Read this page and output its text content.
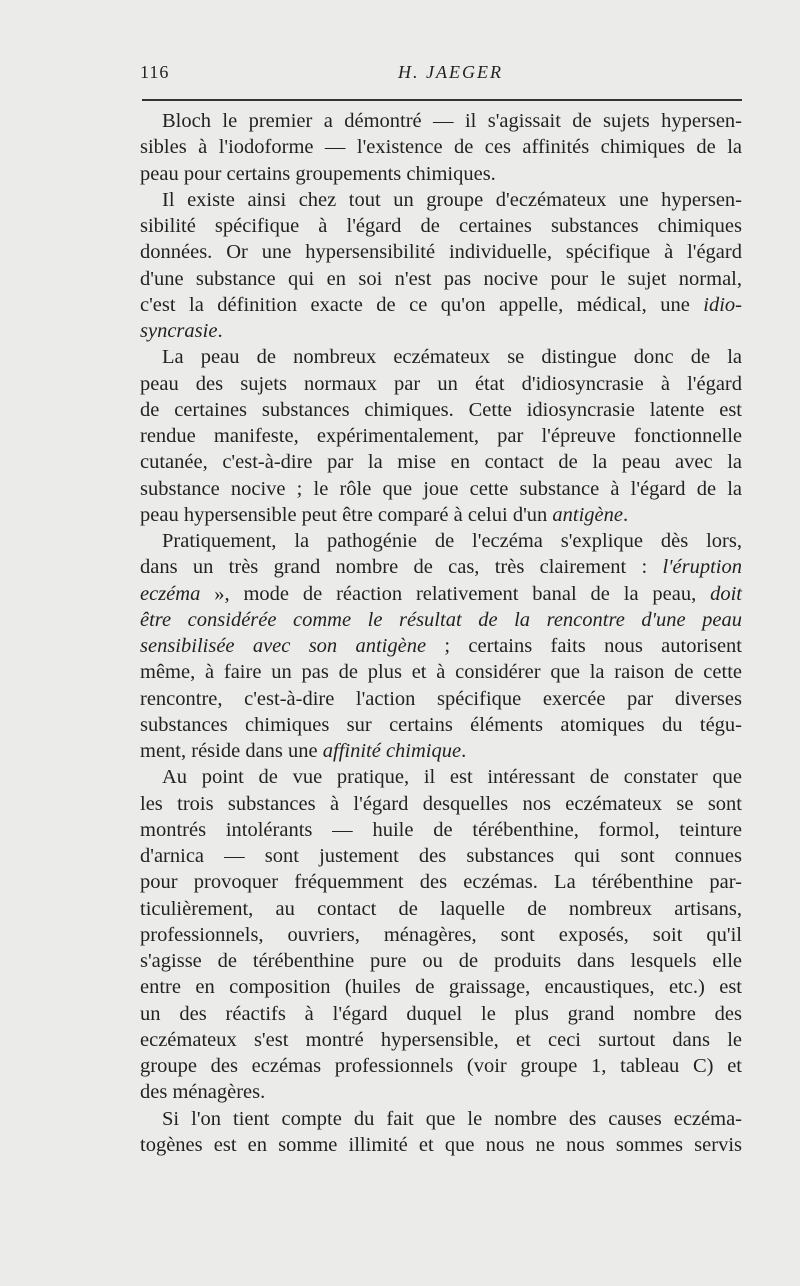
116	H. JAEGER
Bloch le premier a démontré — il s'agissait de sujets hypersen-
sibles à l'iodoforme — l'existence de ces affinités chimiques de la
peau pour certains groupements chimiques.
Il existe ainsi chez tout un groupe d'eczémateux une hypersen-
sibilité spécifique à l'égard de certaines substances chimiques
données. Or une hypersensibilité individuelle, spécifique à l'égard
d'une substance qui en soi n'est pas nocive pour le sujet normal,
c'est la définition exacte de ce qu'on appelle, médical, une idio-
syncrasie.
La peau de nombreux eczémateux se distingue donc de la
peau des sujets normaux par un état d'idiosyncrasie à l'égard
de certaines substances chimiques. Cette idiosyncrasie latente est
rendue manifeste, expérimentalement, par l'épreuve fonctionnelle
cutanée, c'est-à-dire par la mise en contact de la peau avec la
substance nocive ; le rôle que joue cette substance à l'égard de la
peau hypersensible peut être comparé à celui d'un antigène.
Pratiquement, la pathogénie de l'eczéma s'explique dès lors,
dans un très grand nombre de cas, très clairement : l'éruption
eczéma », mode de réaction relativement banal de la peau, doit
être considérée comme le résultat de la rencontre d'une peau
sensibilisée avec son antigène ; certains faits nous autorisent
même, à faire un pas de plus et à considérer que la raison de cette
rencontre, c'est-à-dire l'action spécifique exercée par diverses
substances chimiques sur certains éléments atomiques du tégu-
ment, réside dans une affinité chimique.
Au point de vue pratique, il est intéressant de constater que
les trois substances à l'égard desquelles nos eczémateux se sont
montrés intolérants — huile de térébenthine, formol, teinture
d'arnica — sont justement des substances qui sont connues
pour provoquer fréquemment des eczémas. La térébenthine par-
ticulièrement, au contact de laquelle de nombreux artisans,
professionnels, ouvriers, ménagères, sont exposés, soit qu'il
s'agisse de térébenthine pure ou de produits dans lesquels elle
entre en composition (huiles de graissage, encaustiques, etc.) est
un des réactifs à l'égard duquel le plus grand nombre des
eczémateux s'est montré hypersensible, et ceci surtout dans le
groupe des eczémas professionnels (voir groupe 1, tableau C) et
des ménagères.
Si l'on tient compte du fait que le nombre des causes eczéma-
togènes est en somme illimité et que nous ne nous sommes servis
